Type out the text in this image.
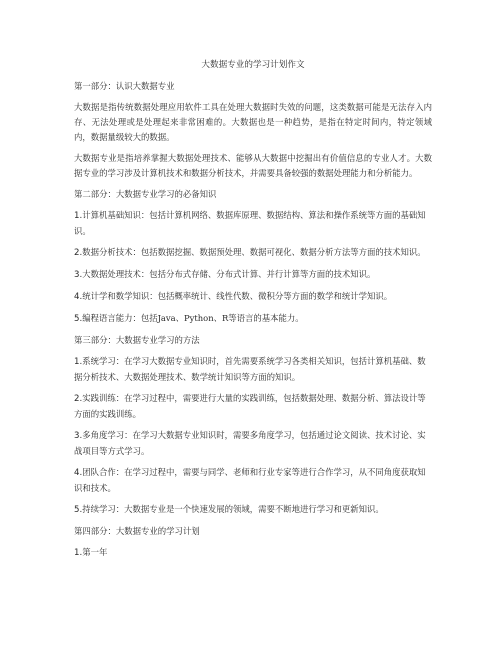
大数据专业的学习计划作文
第一部分：认识大数据专业
大数据是指传统数据处理应用软件工具在处理大数据时失效的问题，这类数据可能是无法存入内存、无法处理或是处理起来非常困难的。大数据也是一种趋势，是指在特定时间内，特定领域内，数据量级较大的数据。
大数据专业是指培养掌握大数据处理技术、能够从大数据中挖掘出有价值信息的专业人才。大数据专业的学习涉及计算机技术和数据分析技术，并需要具备较强的数据处理能力和分析能力。
第二部分：大数据专业学习的必备知识
1.计算机基础知识：包括计算机网络、数据库原理、数据结构、算法和操作系统等方面的基础知识。
2.数据分析技术：包括数据挖掘、数据预处理、数据可视化、数据分析方法等方面的技术知识。
3.大数据处理技术：包括分布式存储、分布式计算、并行计算等方面的技术知识。
4.统计学和数学知识：包括概率统计、线性代数、微积分等方面的数学和统计学知识。
5.编程语言能力：包括Java、Python、R等语言的基本能力。
第三部分：大数据专业学习的方法
1.系统学习：在学习大数据专业知识时，首先需要系统学习各类相关知识，包括计算机基础、数据分析技术、大数据处理技术、数学统计知识等方面的知识。
2.实践训练：在学习过程中，需要进行大量的实践训练，包括数据处理、数据分析、算法设计等方面的实践训练。
3.多角度学习：在学习大数据专业知识时，需要多角度学习，包括通过论文阅读、技术讨论、实战项目等方式学习。
4.团队合作：在学习过程中，需要与同学、老师和行业专家等进行合作学习，从不同角度获取知识和技术。
5.持续学习：大数据专业是一个快速发展的领域，需要不断地进行学习和更新知识。
第四部分：大数据专业的学习计划
1.第一年
